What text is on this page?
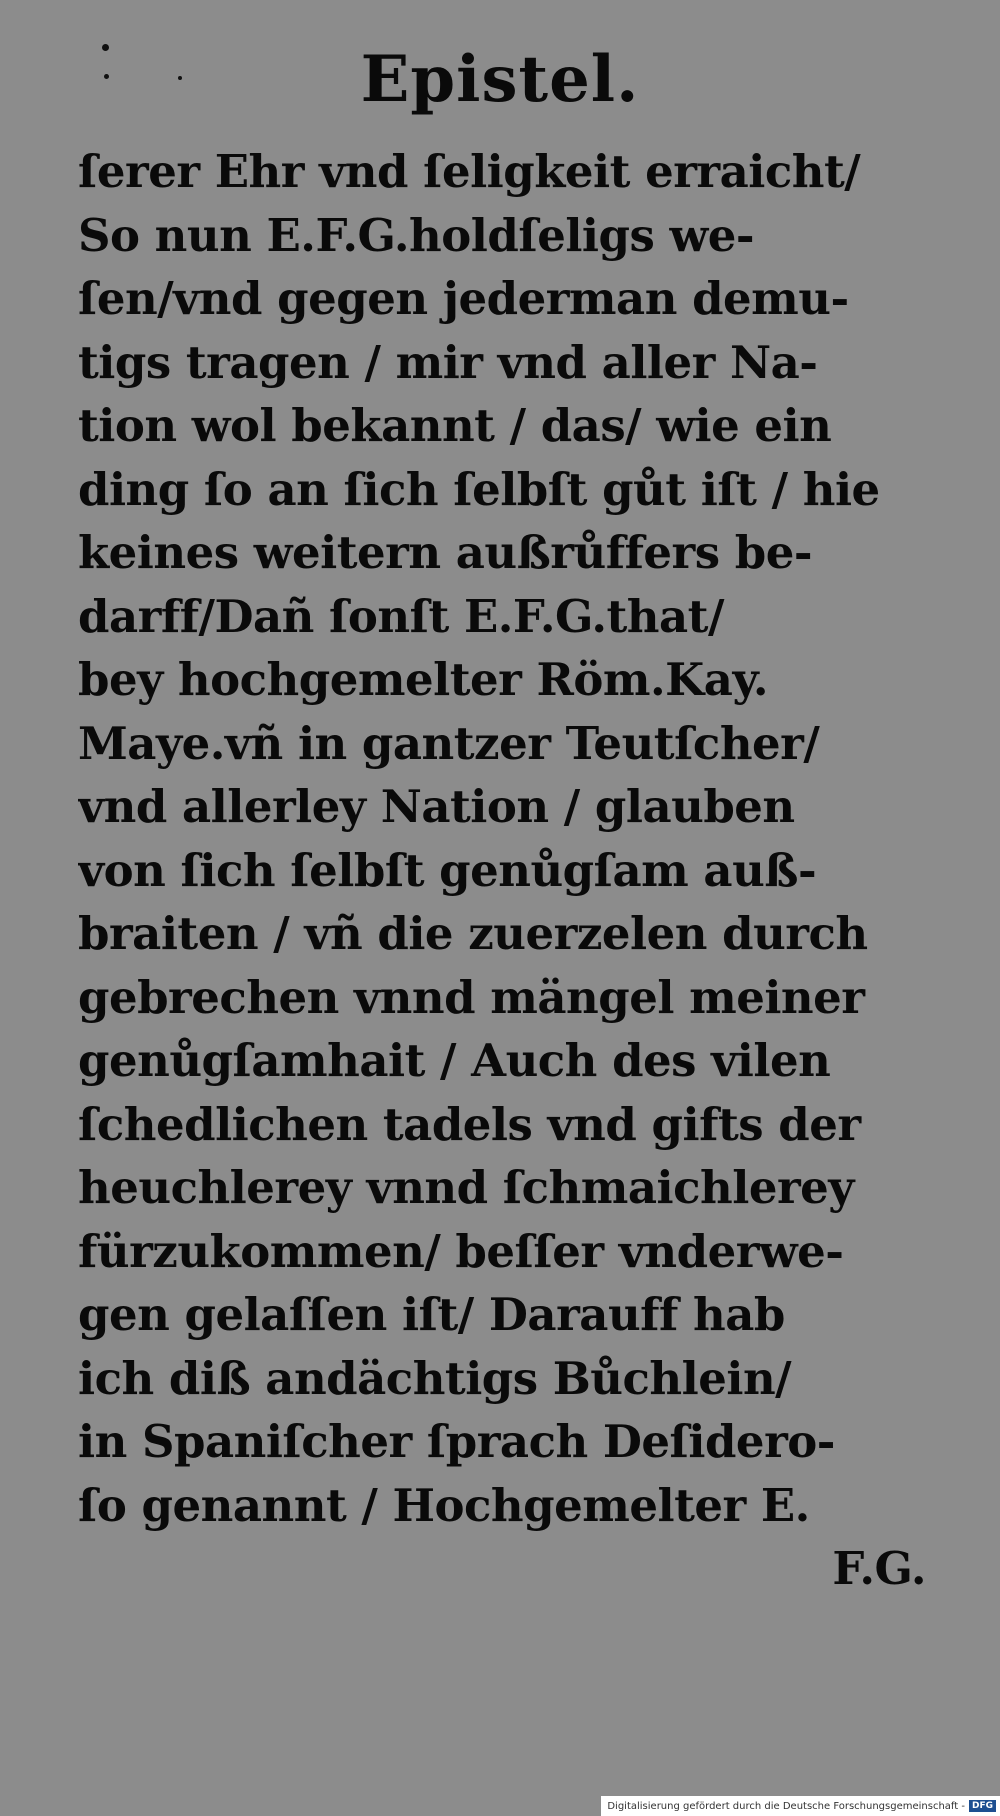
Epistel.
ſerer Ehr vnd ſeligkeit erraicht/
So nun E.F.G.holdſeligs we-
ſen/vnd gegen jederman demu-
tigs tragen / mir vnd aller Na-
tion wol bekannt / das/ wie ein
ding ſo an ſich ſelbſt gůt iſt / hie
keines weitern außrůffers be-
darff/Dañ ſonſt E.F.G.that/
bey hochgemelter Röm.Kay.
Maye.vñ in gantzer Teutſcher/
vnd allerley Nation / glauben
von ſich ſelbſt genůgſam auß-
braiten / vñ die zuerzelen durch
gebrechen vnnd mängel meiner
genůgſamhait / Auch des vilen
ſchedlichen tadels vnd gifts der
heuchlerey vnnd ſchmaichlerey
fürzukommen/ beſſer vnderwe-
gen gelaſſen iſt/ Darauff hab
ich diß andächtigs Bůchlein/
in Spaniſcher ſprach Deſidero-
ſo genannt / Hochgemelter E.
F.G.
Digitalisierung gefördert durch die Deutsche Forschungsgemeinschaft - DFG
